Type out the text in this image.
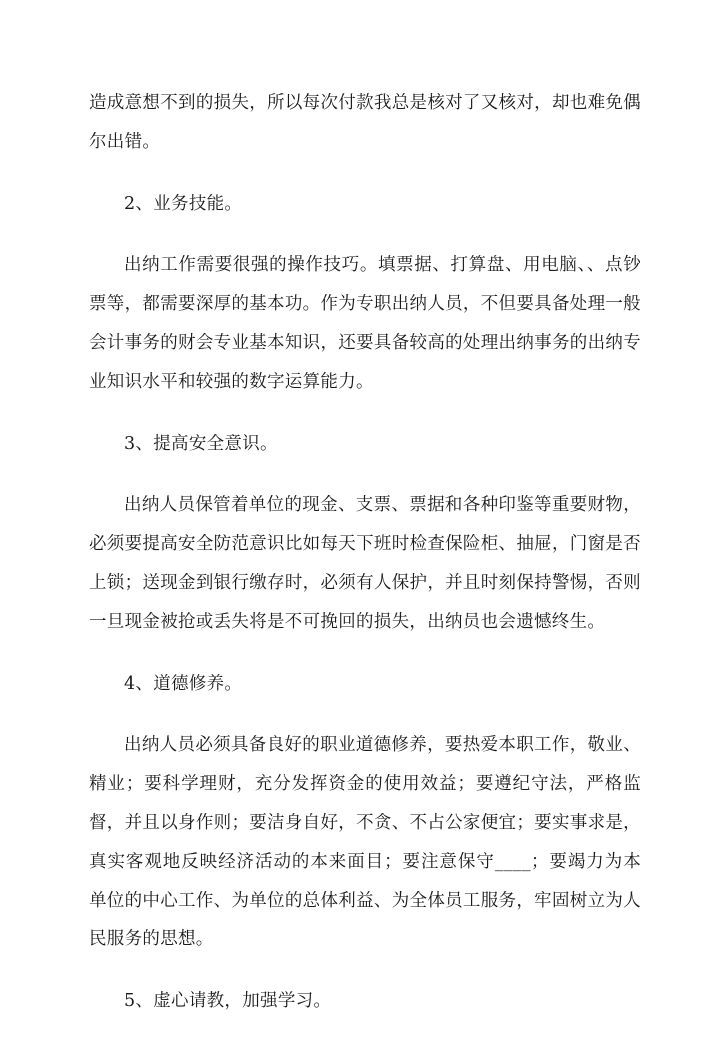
造成意想不到的损失，所以每次付款我总是核对了又核对，却也难免偶尔出错。

2、业务技能。

出纳工作需要很强的操作技巧。填票据、打算盘、用电脑、、点钞票等，都需要深厚的基本功。作为专职出纳人员，不但要具备处理一般会计事务的财会专业基本知识，还要具备较高的处理出纳事务的出纳专业知识水平和较强的数字运算能力。

3、提高安全意识。

出纳人员保管着单位的现金、支票、票据和各种印鉴等重要财物，必须要提高安全防范意识比如每天下班时检查保险柜、抽屉，门窗是否上锁；送现金到银行缴存时，必须有人保护，并且时刻保持警惕，否则一旦现金被抢或丢失将是不可挽回的损失，出纳员也会遗憾终生。

4、道德修养。

出纳人员必须具备良好的职业道德修养，要热爱本职工作，敬业、精业；要科学理财，充分发挥资金的使用效益；要遵纪守法，严格监督，并且以身作则；要洁身自好，不贪、不占公家便宜；要实事求是，真实客观地反映经济活动的本来面目；要注意保守____；要竭力为本单位的中心工作、为单位的总体利益、为全体员工服务，牢固树立为人民服务的思想。

5、虚心请教，加强学习。
